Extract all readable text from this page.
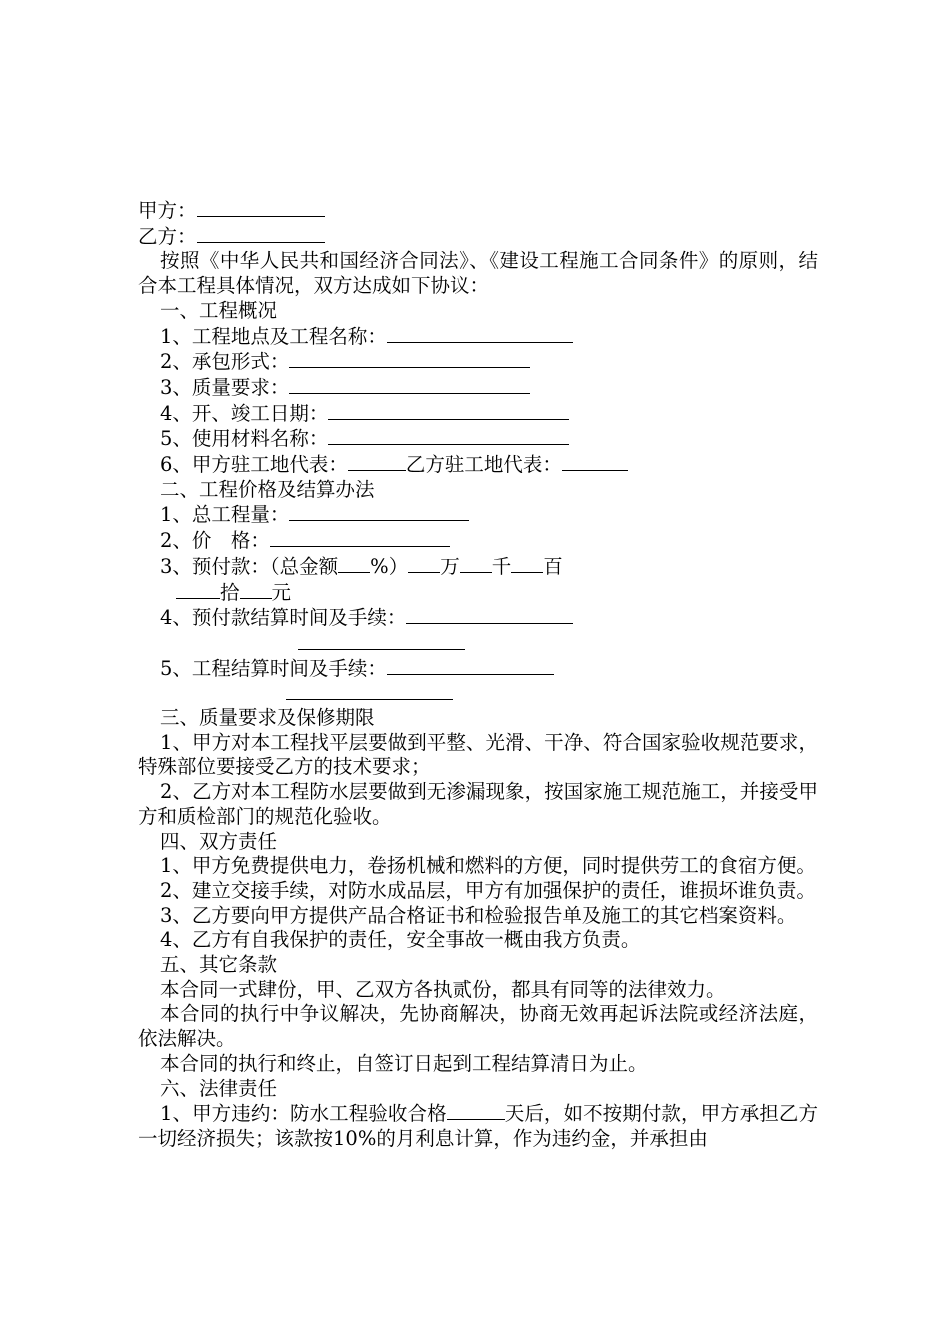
甲方：

乙方：

按照《中华人民共和国经济合同法》、《建设工程施工合同条件》的原则，结合本工程具体情况，双方达成如下协议：

一、工程概况

1、工程地点及工程名称：

2、承包形式：

3、质量要求：

4、开、竣工日期：

5、使用材料名称：

6、甲方驻工地代表：	乙方驻工地代表：

二、工程价格及结算办法

1、总工程量：

2、价　格：

3、预付款：（总金额 %） 万 千 百

拾 元

4、预付款结算时间及手续：

5、工程结算时间及手续：

三、质量要求及保修期限

1、甲方对本工程找平层要做到平整、光滑、干净、符合国家验收规范要求，特殊部位要接受乙方的技术要求；

2、乙方对本工程防水层要做到无渗漏现象，按国家施工规范施工，并接受甲方和质检部门的规范化验收。

四、双方责任

1、甲方免费提供电力，卷扬机械和燃料的方便，同时提供劳工的食宿方便。

2、建立交接手续，对防水成品层，甲方有加强保护的责任，谁损坏谁负责。

3、乙方要向甲方提供产品合格证书和检验报告单及施工的其它档案资料。

4、乙方有自我保护的责任，安全事故一概由我方负责。

五、其它条款

本合同一式肆份，甲、乙双方各执贰份，都具有同等的法律效力。

本合同的执行中争议解决，先协商解决，协商无效再起诉法院或经济法庭，依法解决。

本合同的执行和终止，自签订日起到工程结算清日为止。

六、法律责任

1、甲方违约：防水工程验收合格	天后，如不按期付款，甲方承担乙方一切经济损失；该款按10%的月利息计算，作为违约金，并承担由
